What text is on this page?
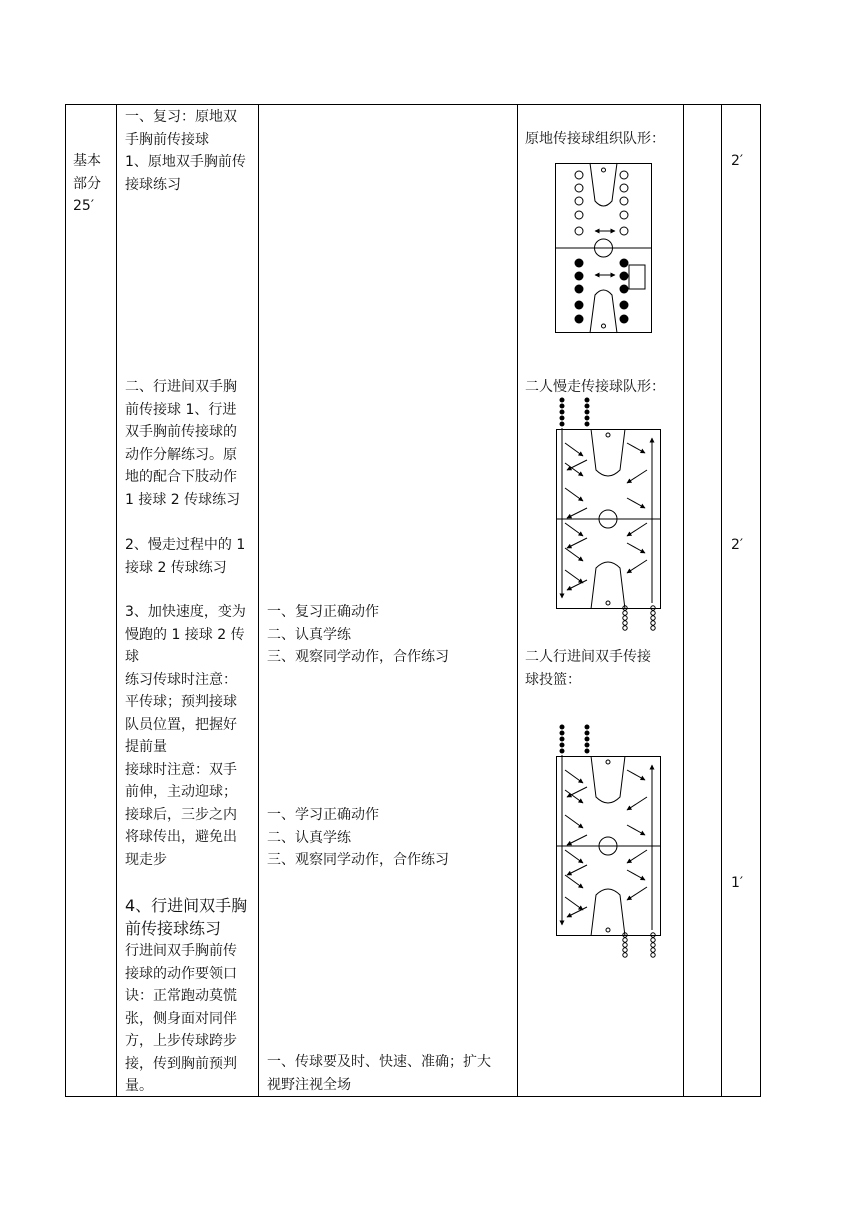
基本
部分
25′
一、复习：原地双
手胸前传接球
1、原地双手胸前传
接球练习
二、行进间双手胸
前传接球 1、行进
双手胸前传接球的
动作分解练习。原
地的配合下肢动作
1 接球 2 传球练习
2、慢走过程中的 1
接球 2 传球练习
3、加快速度，变为
慢跑的 1 接球 2 传
球
练习传球时注意：
平传球；预判接球
队员位置，把握好
提前量
接球时注意：双手
前伸，主动迎球；
接球后，三步之内
将球传出，避免出
现走步
4、行进间双手胸
前传接球练习
行进间双手胸前传
接球的动作要领口
诀：正常跑动莫慌
张，侧身面对同伴
方，上步传球跨步
接，传到胸前预判
量。
一、复习正确动作
二、认真学练
三、观察同学动作，合作练习
一、学习正确动作
二、认真学练
三、观察同学动作，合作练习
一、传球要及时、快速、准确；扩大
视野注视全场
原地传接球组织队形：
二人慢走传接球队形：
二人行进间双手传接
球投篮：
2′
2′
1′
